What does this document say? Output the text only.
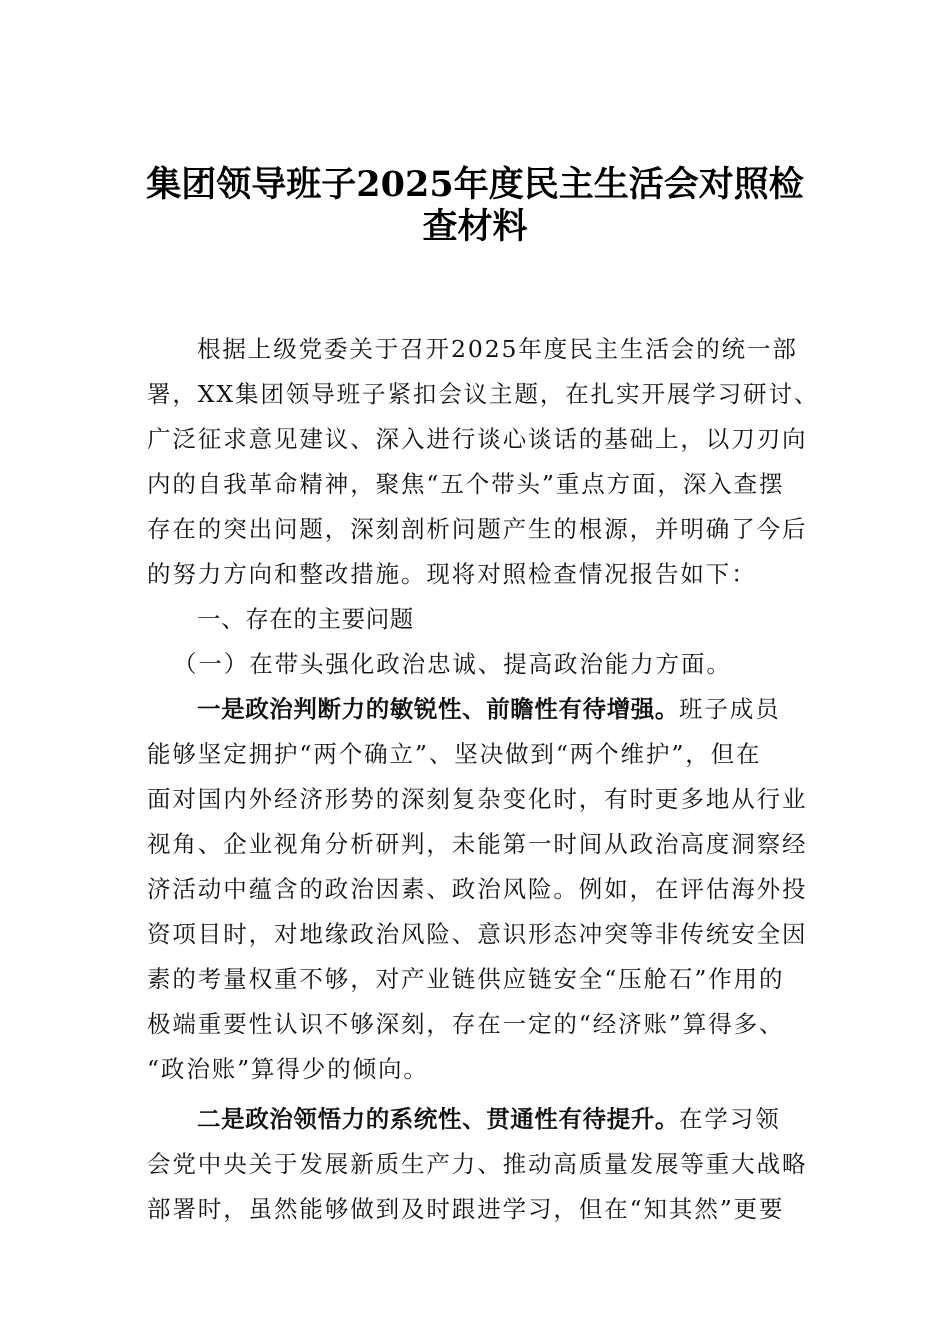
集团领导班子2025年度民主生活会对照检
查材料
根据上级党委关于召开2025年度民主生活会的统一部
署，XX集团领导班子紧扣会议主题，在扎实开展学习研讨、
广泛征求意见建议、深入进行谈心谈话的基础上，以刀刃向
内的自我革命精神，聚焦“五个带头”重点方面，深入查摆
存在的突出问题，深刻剖析问题产生的根源，并明确了今后
的努力方向和整改措施。现将对照检查情况报告如下：
一、存在的主要问题
（一）在带头强化政治忠诚、提高政治能力方面。
一是政治判断力的敏锐性、前瞻性有待增强。班子成员
能够坚定拥护“两个确立”、坚决做到“两个维护”，但在
面对国内外经济形势的深刻复杂变化时，有时更多地从行业
视角、企业视角分析研判，未能第一时间从政治高度洞察经
济活动中蕴含的政治因素、政治风险。例如，在评估海外投
资项目时，对地缘政治风险、意识形态冲突等非传统安全因
素的考量权重不够，对产业链供应链安全“压舱石”作用的
极端重要性认识不够深刻，存在一定的“经济账”算得多、
“政治账”算得少的倾向。
二是政治领悟力的系统性、贯通性有待提升。在学习领
会党中央关于发展新质生产力、推动高质量发展等重大战略
部署时，虽然能够做到及时跟进学习，但在“知其然”更要
